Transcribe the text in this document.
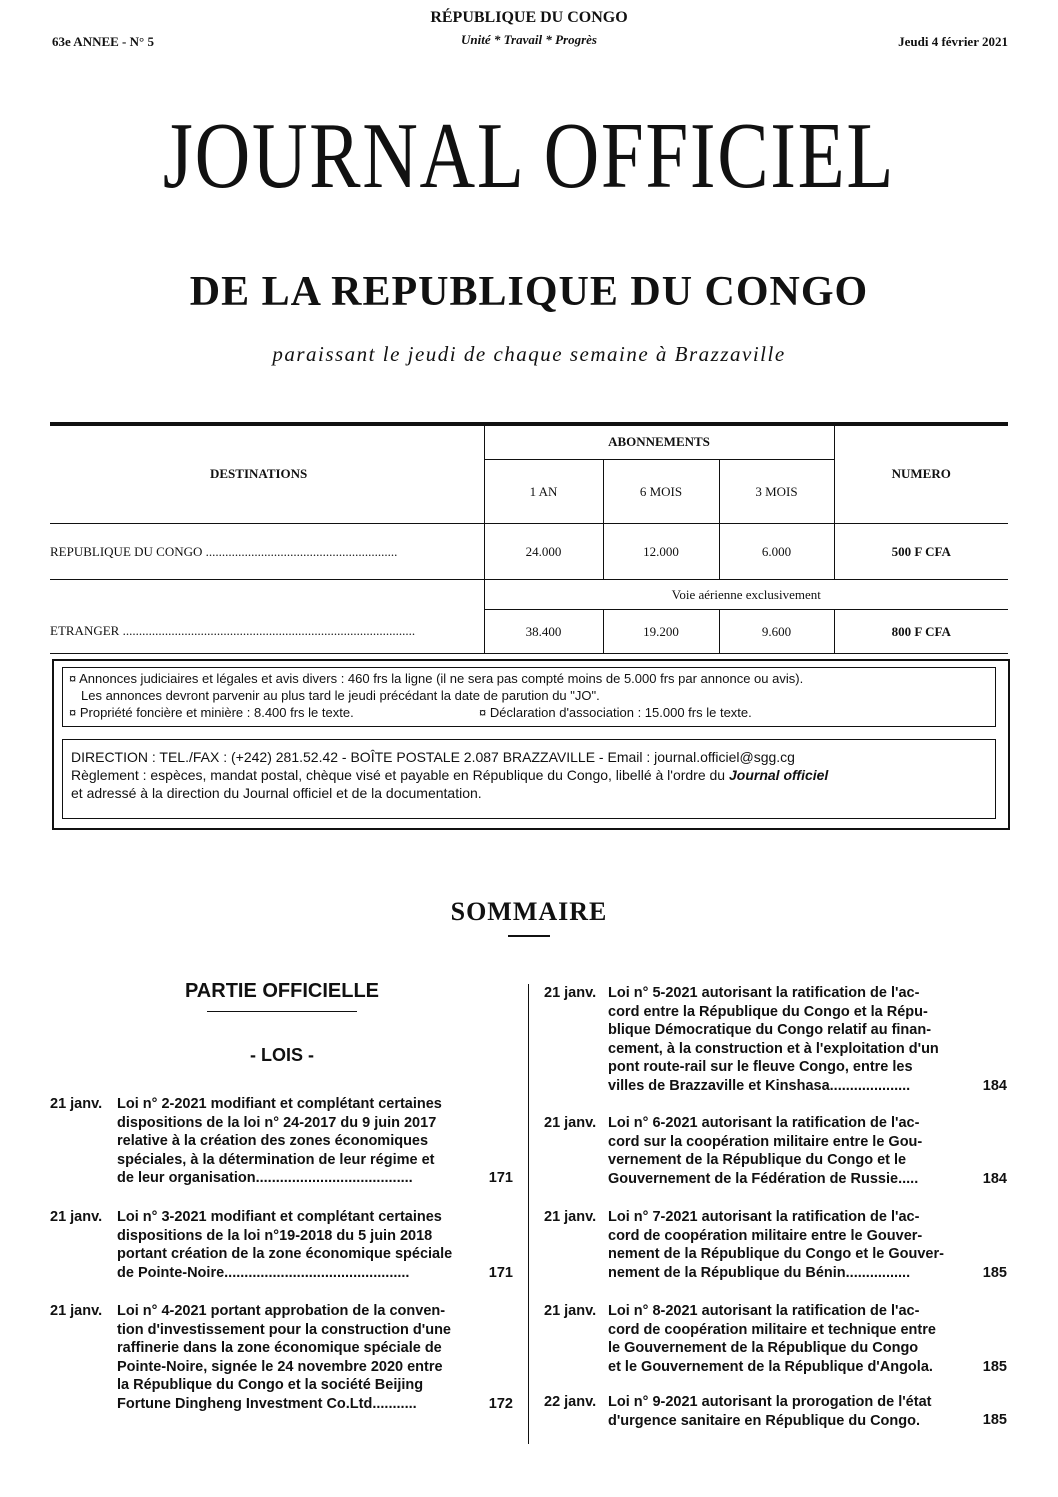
RÉPUBLIQUE DU CONGO
Unité * Travail * Progrès
63e ANNEE - N° 5	Jeudi 4 février 2021
JOURNAL OFFICIEL
DE LA REPUBLIQUE DU CONGO
paraissant le jeudi de chaque semaine à Brazzaville
DESTINATIONS	ABONNEMENTS			NUMERO
	1 AN	6 MOIS	3 MOIS	
REPUBLIQUE DU CONGO ...........................................................	24.000	12.000	6.000	500 F CFA
	Voie aérienne exclusivement			
ETRANGER ..........................................................................................	38.400	19.200	9.600	800 F CFA
¤ Annonces judiciaires et légales et avis divers : 460 frs la ligne (il ne sera pas compté moins de 5.000 frs par annonce ou avis).
Les annonces devront parvenir au plus tard le jeudi précédant la date de parution du "JO".
¤ Propriété foncière et minière : 8.400 frs le texte.	¤ Déclaration d'association : 15.000 frs le texte.
DIRECTION : TEL./FAX : (+242) 281.52.42 - BOÎTE POSTALE 2.087 BRAZZAVILLE - Email : journal.officiel@sgg.cg
Règlement : espèces, mandat postal, chèque visé et payable en République du Congo, libellé à l'ordre du Journal officiel
et adressé à la direction du Journal officiel et de la documentation.
SOMMAIRE
PARTIE OFFICIELLE
- LOIS -
21 janv. Loi n° 2-2021 modifiant et complétant certaines
dispositions de la loi n° 24-2017 du 9 juin 2017
relative à la création des zones économiques
spéciales, à la détermination de leur régime et
de leur organisation.......................................	171
21 janv. Loi n° 3-2021 modifiant et complétant certaines
dispositions de la loi n°19-2018 du 5 juin 2018
portant création de la zone économique spéciale
de Pointe-Noire..............................................	171
21 janv. Loi n° 4-2021 portant approbation de la conven-
tion d'investissement pour la construction d'une
raffinerie dans la zone économique spéciale de
Pointe-Noire, signée le 24 novembre 2020 entre
la République du Congo et la société Beijing
Fortune Dingheng Investment Co.Ltd...........	172
21 janv. Loi n° 5-2021 autorisant la ratification de l'ac-
cord entre la République du Congo et la Répu-
blique Démocratique du Congo relatif au finan-
cement, à la construction et à l'exploitation d'un
pont route-rail sur le fleuve Congo, entre les
villes de Brazzaville et Kinshasa....................	184
21 janv. Loi n° 6-2021 autorisant la ratification de l'ac-
cord sur la coopération militaire entre le Gou-
vernement de la République du Congo et le
Gouvernement de la Fédération de Russie.....	184
21 janv. Loi n° 7-2021 autorisant la ratification de l'ac-
cord de coopération militaire entre le Gouver-
nement de la République du Congo et le Gouver-
nement de la République du Bénin................	185
21 janv. Loi n° 8-2021 autorisant la ratification de l'ac-
cord de coopération militaire et technique entre
le Gouvernement de la République du Congo
et le Gouvernement de la République d'Angola.	185
22 janv. Loi n° 9-2021 autorisant la prorogation de l'état
d'urgence sanitaire en République du Congo.	185
